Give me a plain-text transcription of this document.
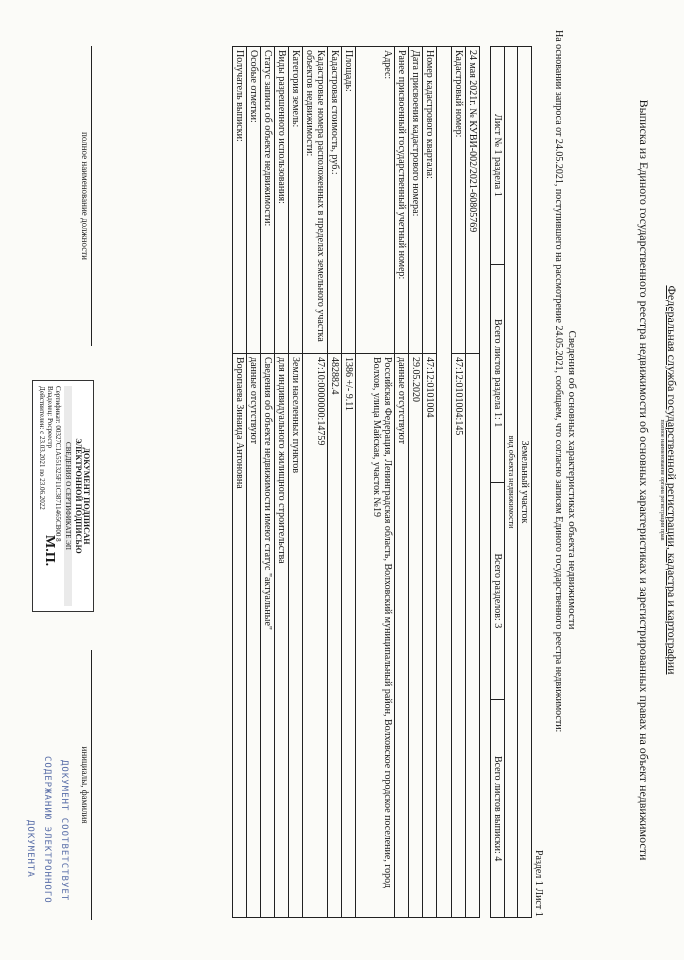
Федеральная служба государственной регистрации, кадастра и картографии
полное наименование органа регистрации прав
Выписка из Единого государственного реестра недвижимости об основных характеристиках и зарегистрированных правах на объект недвижимости
Сведения об основных характеристиках объекта недвижимости
На основании запроса от 24.05.2021, поступившего на рассмотрение 24.05.2021, сообщаем, что согласно записям Единого государственного реестра недвижимости:
Раздел 1 Лист 1
Земельный участок
вид объекта недвижимости

Лист № 1 раздела 1	Всего листов раздела 1: 1	Всего разделов: 3	Всего листов выписки: 4
24 мая 2021г. № КУВИ-002/2021-60805769	
Кадастровый номер:	47:12:0101004:145

Номер кадастрового квартала:	47:12:0101004
Дата присвоения кадастрового номера:	29.05.2020
Ранее присвоенный государственный учетный номер:	данные отсутствуют
Адрес:	Российская Федерация, Ленинградская область, Волховский муниципальный район, Волховское городское поселение, город Волхов, улица Майская, участок №19
Площадь:	1386 +/- 9.11
Кадастровая стоимость, руб.:	482882.4
Кадастровые номера расположенных в пределах земельного участка объектов недвижимости:	47:10:0000000:14759
Категория земель:	Земли населенных пунктов
Виды разрешенного использования:	для индивидуального жилищного строительства
Статус записи об объекте недвижимости:	Сведения об объекте недвижимости имеют статус "актуальные"
Особые отметки:	данные отсутствуют
Получатель выписки:	Воропаева Зинаида Антоновна
полное наименование должности
инициалы, фамилия
ДОКУМЕНТ ПОДПИСАН
ЭЛЕКТРОННОЙ ПОДПИСЬЮ
СВЕДЕНИЯ О СЕРТИФИКАТЕ ЭП
Сертификат: 00327C1A551325F11C38711465CB00 8
Владелец: Росреестр
Действителен: с 23.03.2021 по 23.06.2022
М.П.
ДОКУМЕНТ СООТВЕТСТВУЕТ
СОДЕРЖАНИЮ ЭЛЕКТРОННОГО
ДОКУМЕНТА
